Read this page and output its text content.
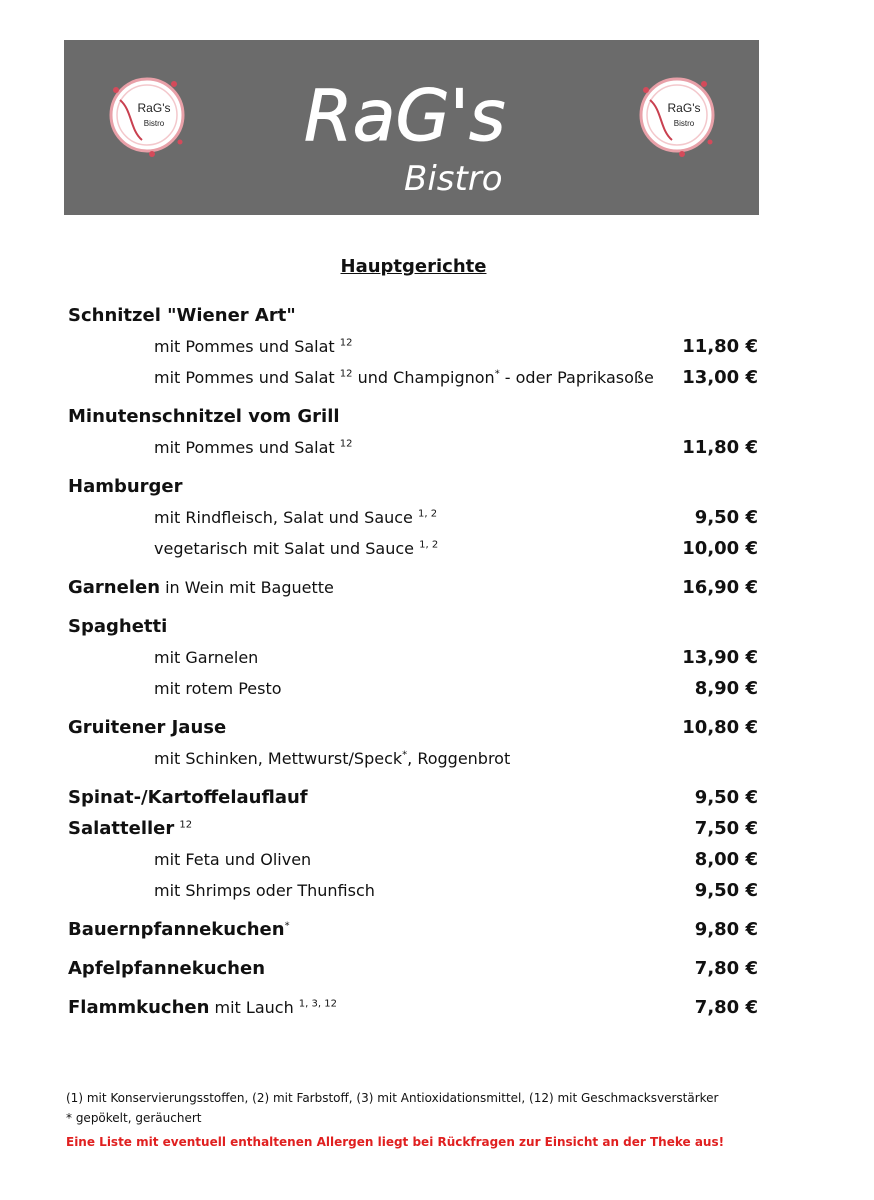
RaG's
Bistro RaG's
Bistro
RaG's
Bistro
Hauptgerichte
Schnitzel "Wiener Art"
mit Pommes und Salat $^{12}$	11,80 €
mit Pommes und Salat $^{12}$ und Champignon* - oder Paprikasoße 13,00 €
Minutenschnitzel vom Grill
mit Pommes und Salat $^{12}$	11,80 €
Hamburger
mit Rindfleisch, Salat und Sauce $^{1, 2}$	9,50 €
vegetarisch mit Salat und Sauce $^{1, 2}$	10,00 €
Garnelen in Wein mit Baguette	16,90 €
Spaghetti
mit Garnelen	13,90 €
mit rotem Pesto	8,90 €
Gruitener Jause	10,80 €
mit Schinken, Mettwurst/Speck*, Roggenbrot
Spinat-/Kartoffelauflauf	9,50 €
Salatteller $^{12}$	7,50 €
mit Feta und Oliven	8,00 €
mit Shrimps oder Thunfisch	9,50 €
Bauernpfannekuchen*	9,80 €
Apfelpfannekuchen	7,80 €
Flammkuchen mit Lauch $^{1, 3, 12}$	7,80 €
(1) mit Konservierungsstoffen, (2) mit Farbstoff, (3) mit Antioxidationsmittel, (12) mit Geschmacksverstärker
* gepökelt, geräuchert
Eine Liste mit eventuell enthaltenen Allergen liegt bei Rückfragen zur Einsicht an der Theke aus!
